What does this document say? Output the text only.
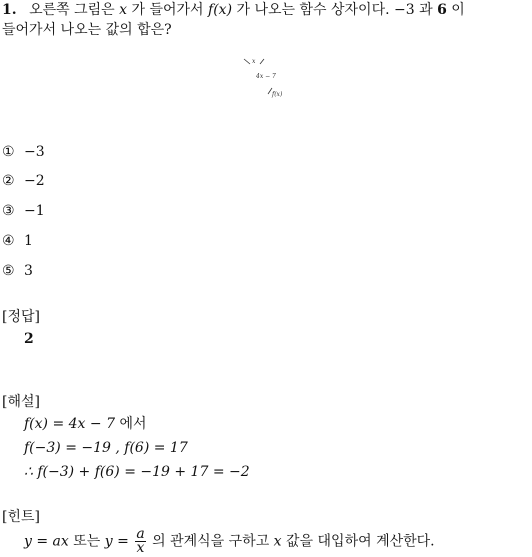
1. 오른쪽 그림은 x 가 들어가서 f(x) 가 나오는 함수 상자이다. −3 과 6 이
들어가서 나오는 값의 합은?
x
4x − 7
f(x)
① −3
② −2
③ −1
④ 1
⑤ 3
[정답]
2
[해설]
f(x) = 4x − 7 에서
f(−3) = −19 , f(6) = 17
∴ f(−3) + f(6) = −19 + 17 = −2
[힌트]
y = ax 또는 $y = \frac{a}{x}$ 의 관계식을 구하고 x 값을 대입하여 계산한다.
